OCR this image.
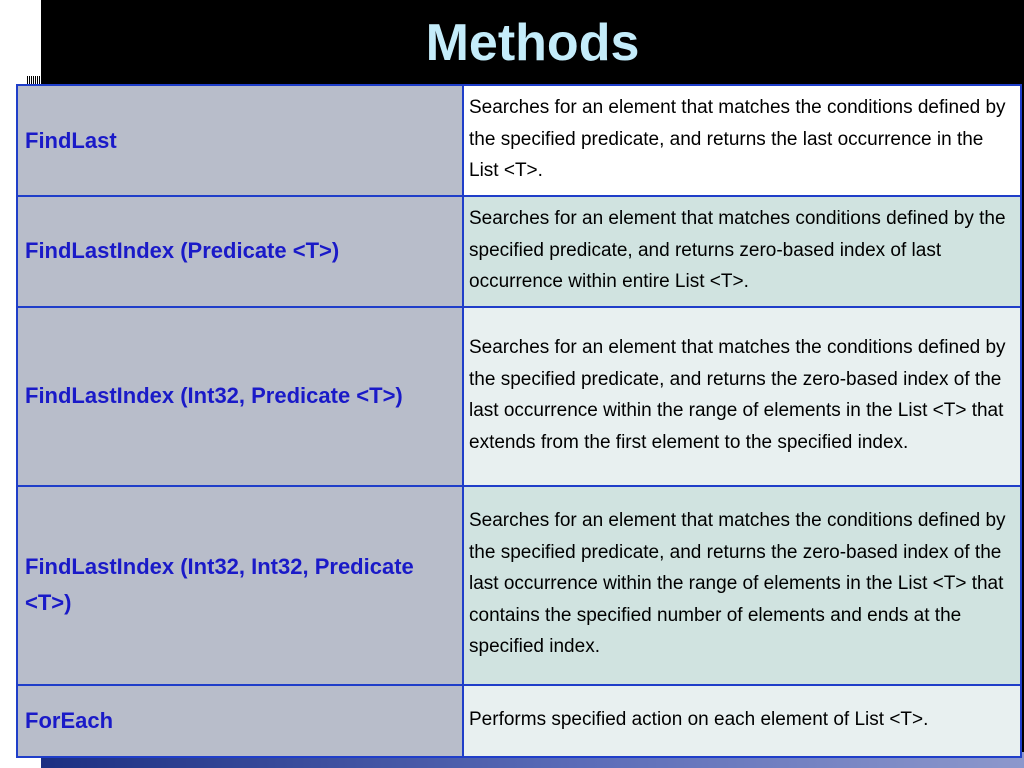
Methods
FindLast	Searches for an element that matches the conditions defined by the specified predicate, and returns the last occurrence in the List <T>.
FindLastIndex (Predicate <T>)	Searches for an element that matches conditions defined by the specified predicate, and returns zero-based index of last occurrence within entire List <T>.
FindLastIndex (Int32, Predicate <T>)	Searches for an element that matches the conditions defined by the specified predicate, and returns the zero-based index of the last occurrence within the range of elements in the List <T> that extends from the first element to the specified index.
FindLastIndex (Int32, Int32, Predicate <T>)	Searches for an element that matches the conditions defined by the specified predicate, and returns the zero-based index of the last occurrence within the range of elements in the List <T> that contains the specified number of elements and ends at the specified index.
ForEach	Performs specified action on each element of List <T>.
